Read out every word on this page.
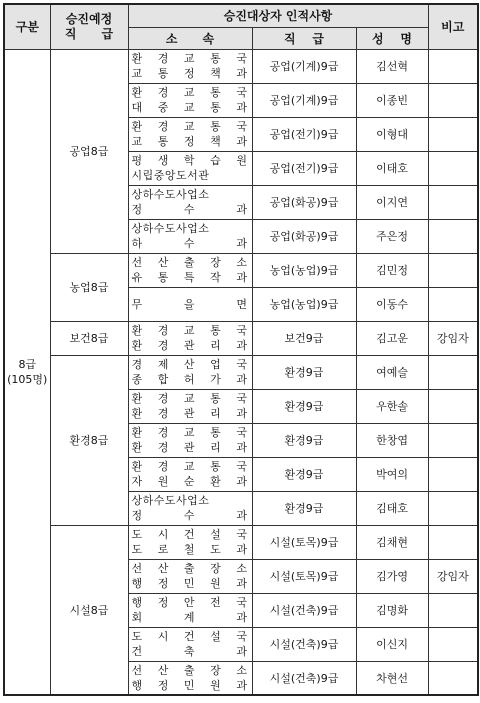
구분	승진예정
직      급	승진대상자 인적사항			비고
		소      속	직    급	성    명	

8급
(105명)	공업8급	환 경 교 통 국
교 통 정 책 과	공업(기계)9급	김선혁	

		환 경 교 통 국
대 중 교 통 과	공업(기계)9급	이종빈	

		환 경 교 통 국
교 통 정 책 과	공업(전기)9급	이형대	

		평 생 학 습 원
시립중앙도서관	공업(전기)9급	이태호	

		상하수도사업소
정    수    과	공업(화공)9급	이지연	

		상하수도사업소
하    수    과	공업(화공)9급	주은정	
	농업8급	선 산 출 장 소
유 통 특 작 과	농업(농업)9급	김민정	

		무    을    면	농업(농업)9급	이동수	
	보건8급	환 경 교 통 국
환 경 관 리 과	보건9급	김고운	강임자
	환경8급	경 제 산 업 국
종 합 허 가 과	환경9급	여예슬	

		환 경 교 통 국
환 경 관 리 과	환경9급	우한솔	

		환 경 교 통 국
환 경 관 리 과	환경9급	한창엽	

		환 경 교 통 국
자 원 순 환 과	환경9급	박여의	

		상하수도사업소
정    수    과	환경9급	김태호	
	시설8급	도 시 건 설 국
도 로 철 도 과	시설(토목)9급	김채현	

		선 산 출 장 소
행 정 민 원 과	시설(토목)9급	김가영	강임자

		행 정 안 전 국
회    계    과	시설(건축)9급	김명화	

		도 시 건 설 국
건    축    과	시설(건축)9급	이신지	

		선 산 출 장 소
행 정 민 원 과	시설(건축)9급	차현선	
